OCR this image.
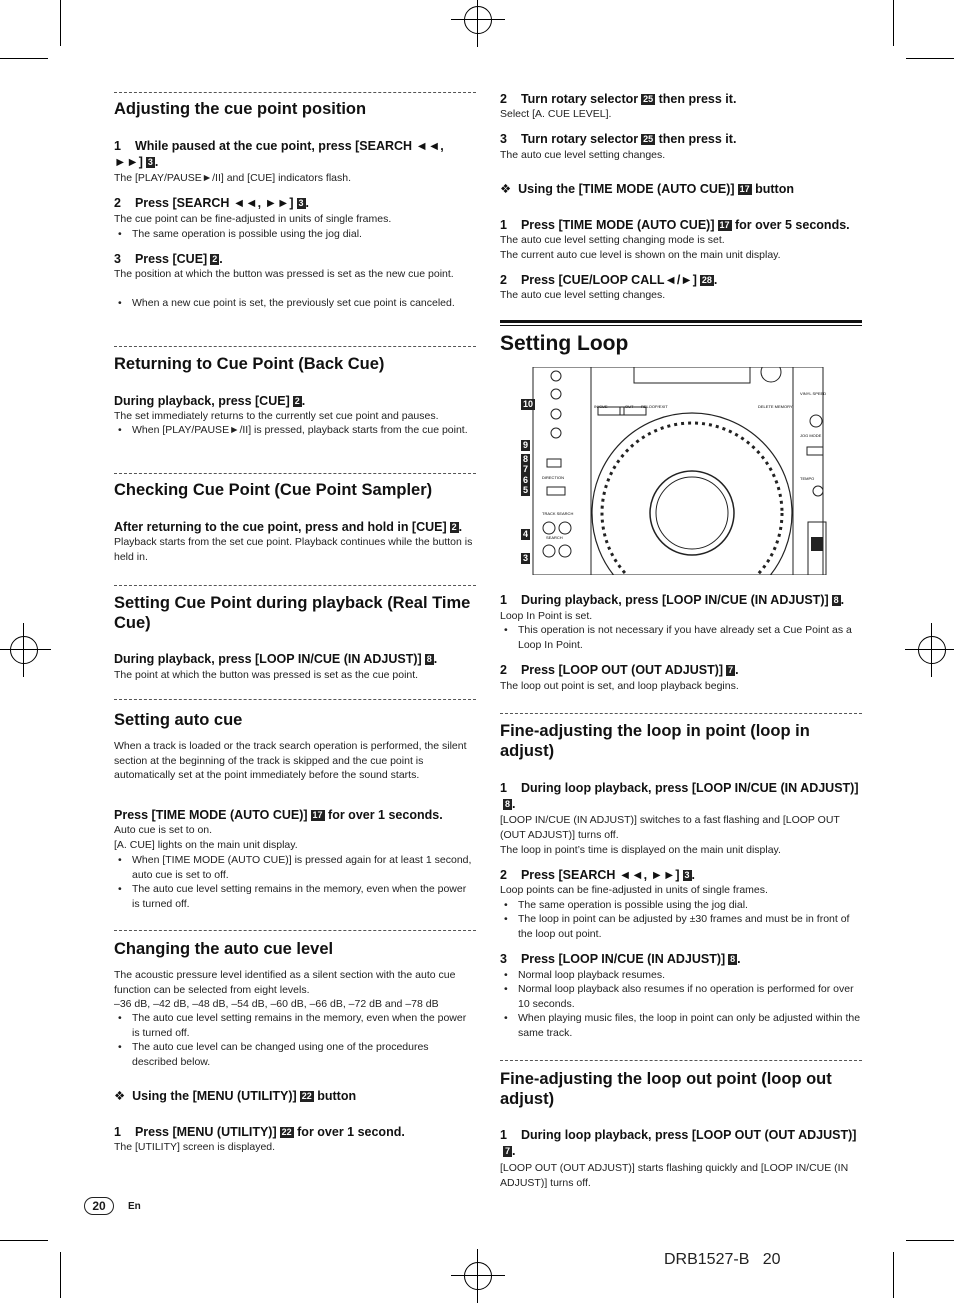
Adjusting the cue point position
1 While paused at the cue point, press [SEARCH ◄◄, ►►] 3 .
The [PLAY/PAUSE►/II] and [CUE] indicators flash.
2 Press [SEARCH ◄◄, ►►] 3 .
The cue point can be fine-adjusted in units of single frames.
• The same operation is possible using the jog dial.
3 Press [CUE] 2 .
The position at which the button was pressed is set as the new cue point.
• When a new cue point is set, the previously set cue point is canceled.
Returning to Cue Point (Back Cue)
During playback, press [CUE] 2 .
The set immediately returns to the currently set cue point and pauses.
• When [PLAY/PAUSE►/II] is pressed, playback starts from the cue point.
Checking Cue Point (Cue Point Sampler)
After returning to the cue point, press and hold in [CUE] 2 .
Playback starts from the set cue point. Playback continues while the button is held in.
Setting Cue Point during playback (Real Time Cue)
During playback, press [LOOP IN/CUE (IN ADJUST)] 8 .
The point at which the button was pressed is set as the cue point.
Setting auto cue
When a track is loaded or the track search operation is performed, the silent section at the beginning of the track is skipped and the cue point is automatically set at the point immediately before the sound starts.
Press [TIME MODE (AUTO CUE)] 17 for over 1 seconds.
Auto cue is set to on.
[A. CUE] lights on the main unit display.
• When [TIME MODE (AUTO CUE)] is pressed again for at least 1 second, auto cue is set to off.
• The auto cue level setting remains in the memory, even when the power is turned off.
Changing the auto cue level
The acoustic pressure level identified as a silent section with the auto cue function can be selected from eight levels.
–36 dB, –42 dB, –48 dB, –54 dB, –60 dB, –66 dB, –72 dB and –78 dB
• The auto cue level setting remains in the memory, even when the power is turned off.
• The auto cue level can be changed using one of the procedures described below.
❖  Using the [MENU (UTILITY)] 22 button
1 Press [MENU (UTILITY)] 22 for over 1 second.
The [UTILITY] screen is displayed.
2 Turn rotary selector 25 then press it.
Select [A. CUE LEVEL].
3 Turn rotary selector 25 then press it.
The auto cue level setting changes.
❖  Using the [TIME MODE (AUTO CUE)] 17 button
1 Press [TIME MODE (AUTO CUE)] 17 for over 5 seconds.
The auto cue level setting changing mode is set.
The current auto cue level is shown on the main unit display.
2 Press [CUE/LOOP CALL◄/►] 28 .
The auto cue level setting changes.
Setting Loop
IN/CUE	OUT RELOOP/EXIT	DELETE MEMORY
DIRECTION
TRACK SEARCH
SEARCH
VINYL SPEED
JOG MODE
TEMPO
10
9
8
7
6
5
4
3
1 During playback, press [LOOP IN/CUE (IN ADJUST)] 8 .
Loop In Point is set.
• This operation is not necessary if you have already set a Cue Point as a Loop In Point.
2 Press [LOOP OUT (OUT ADJUST)] 7 .
The loop out point is set, and loop playback begins.
Fine-adjusting the loop in point (loop in adjust)
1 During loop playback, press [LOOP IN/CUE (IN ADJUST)]8 .
[LOOP IN/CUE (IN ADJUST)] switches to a fast flashing and [LOOP OUT (OUT ADJUST)] turns off.
The loop in point’s time is displayed on the main unit display.
2 Press [SEARCH ◄◄, ►►] 3 .
Loop points can be fine-adjusted in units of single frames.
• The same operation is possible using the jog dial.
• The loop in point can be adjusted by ±30 frames and must be in front of the loop out point.
3 Press [LOOP IN/CUE (IN ADJUST)] 8 .
• Normal loop playback resumes.
• Normal loop playback also resumes if no operation is performed for over 10 seconds.
• When playing music files, the loop in point can only be adjusted within the same track.
Fine-adjusting the loop out point (loop out adjust)
1 During loop playback, press [LOOP OUT (OUT ADJUST)]7 .
[LOOP OUT (OUT ADJUST)] starts flashing quickly and [LOOP IN/CUE (IN ADJUST)] turns off.
20	En
DRB1527-B 20
